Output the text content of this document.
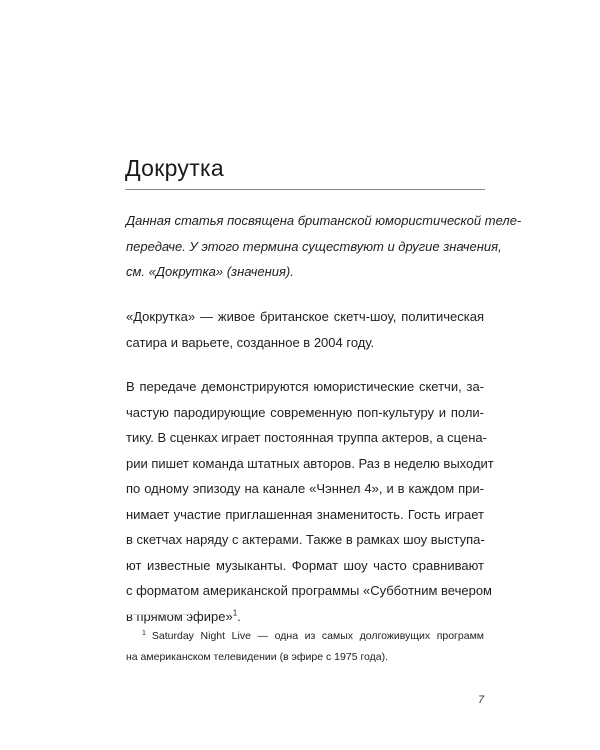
Докрутка
Данная статья посвящена британской юмористической теле-
передаче. У этого термина существуют и другие значения,
см. «Докрутка» (значения).
«Докрутка» — живое британское скетч-шоу, политическая
сатира и варьете, созданное в 2004 году.
В передаче демонстрируются юмористические скетчи, за-
частую пародирующие современную поп-культуру и поли-
тику. В сценках играет постоянная труппа актеров, а сцена-
рии пишет команда штатных авторов. Раз в неделю выходит
по одному эпизоду на канале «Чэннел 4», и в каждом при-
нимает участие приглашенная знаменитость. Гость играет
в скетчах наряду с актерами. Также в рамках шоу выступа-
ют известные музыканты. Формат шоу часто сравнивают
с форматом американской программы «Субботним вечером
в прямом эфире»$^1$.
$^1$ Saturday Night Live — одна из самых долгоживущих программ
на американском телевидении (в эфире с 1975 года).
7
